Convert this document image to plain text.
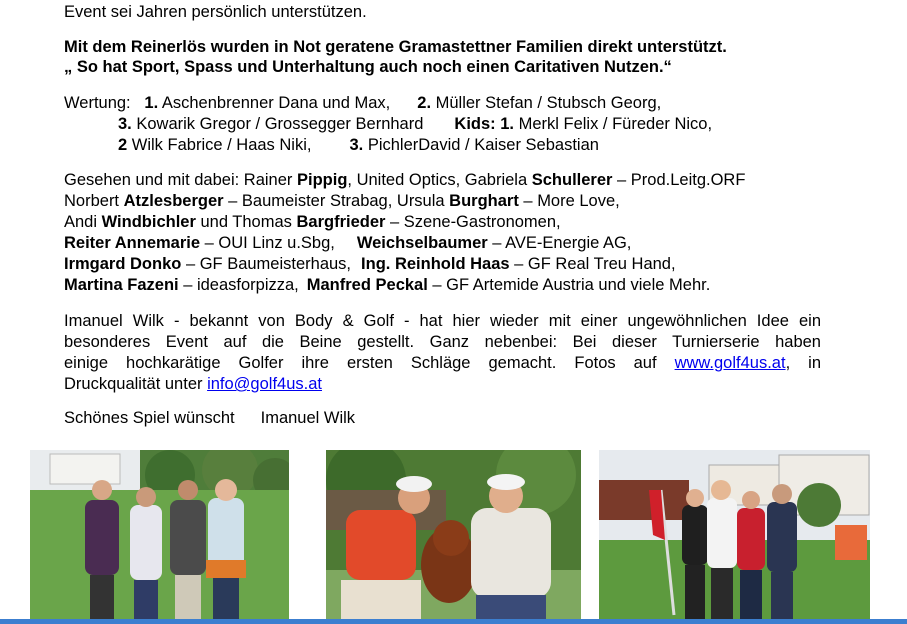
Event sei Jahren persönlich unterstützen.
Mit dem Reinerlös wurden in Not geratene Gramastettner Familien direkt unterstützt.
„ So hat Sport, Spass und Unterhaltung auch noch einen Caritativen Nutzen.“
Wertung: 1. Aschenbrenner Dana und Max, 2. Müller Stefan / Stubsch Georg,
3. Kowarik Gregor / Grossegger Bernhard Kids: 1. Merkl Felix / Füreder Nico,
2 Wilk Fabrice / Haas Niki, 3. PichlerDavid / Kaiser Sebastian
Gesehen und mit dabei: Rainer Pippig, United Optics, Gabriela Schullerer – Prod.Leitg.ORF
Norbert Atzlesberger – Baumeister Strabag, Ursula Burghart – More Love,
Andi Windbichler und Thomas Bargfrieder – Szene-Gastronomen,
Reiter Annemarie – OUI Linz u.Sbg, Weichselbaumer – AVE-Energie AG,
Irmgard Donko – GF Baumeisterhaus, Ing. Reinhold Haas – GF Real Treu Hand,
Martina Fazeni – ideasforpizza, Manfred Peckal – GF Artemide Austria und viele Mehr.
Imanuel Wilk - bekannt von Body & Golf - hat hier wieder mit einer ungewöhnlichen Idee ein
besonderes Event auf die Beine gestellt. Ganz nebenbei: Bei dieser Turnierserie haben
einige hochkarätige Golfer ihre ersten Schläge gemacht. Fotos auf www.golf4us.at, in
Druckqualität unter info@golf4us.at
Schönes Spiel wünscht Imanuel Wilk
